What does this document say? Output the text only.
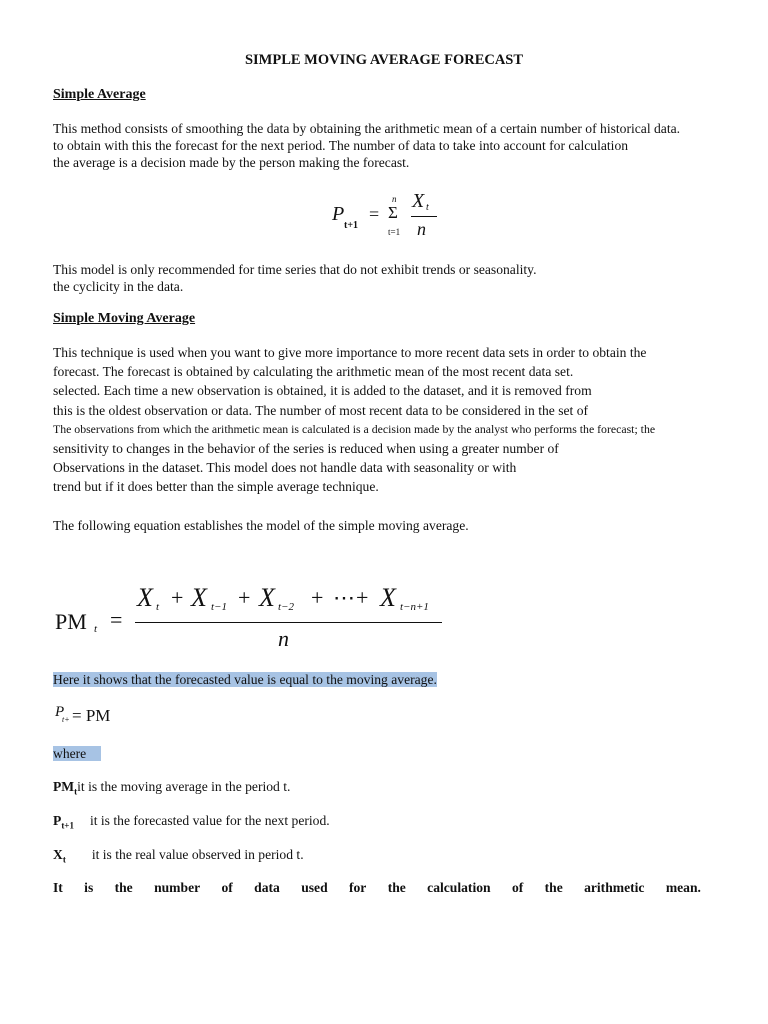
SIMPLE MOVING AVERAGE FORECAST
Simple Average
This method consists of smoothing the data by obtaining the arithmetic mean of a certain number of historical data.
to obtain with this the forecast for the next period. The number of data to take into account for calculation
the average is a decision made by the person making the forecast.
P
t+1
=
n
Σ
t=1
X t
n
This model is only recommended for time series that do not exhibit trends or seasonality.
the cyclicity in the data.
Simple Moving Average
This technique is used when you want to give more importance to more recent data sets in order to obtain the
forecast. The forecast is obtained by calculating the arithmetic mean of the most recent data set.
selected. Each time a new observation is obtained, it is added to the dataset, and it is removed from
this is the oldest observation or data. The number of most recent data to be considered in the set of
The observations from which the arithmetic mean is calculated is a decision made by the analyst who performs the forecast; the
sensitivity to changes in the behavior of the series is reduced when using a greater number of
Observations in the dataset. This model does not handle data with seasonality or with
trend but if it does better than the simple average technique.
The following equation establishes the model of the simple moving average.
PM t =
X t + X t−1 + X t−2 + ⋯ + X t−n+1
n
Here it shows that the forecasted value is equal to the moving average.
P
t+ = PM
where
$PM_tit$ is the moving average in the period t.
$P_{t+1}$ it is the forecasted value for the next period.
$X_t$ it is the real value observed in period t.
It is the number of data used for the calculation of the arithmetic mean.
